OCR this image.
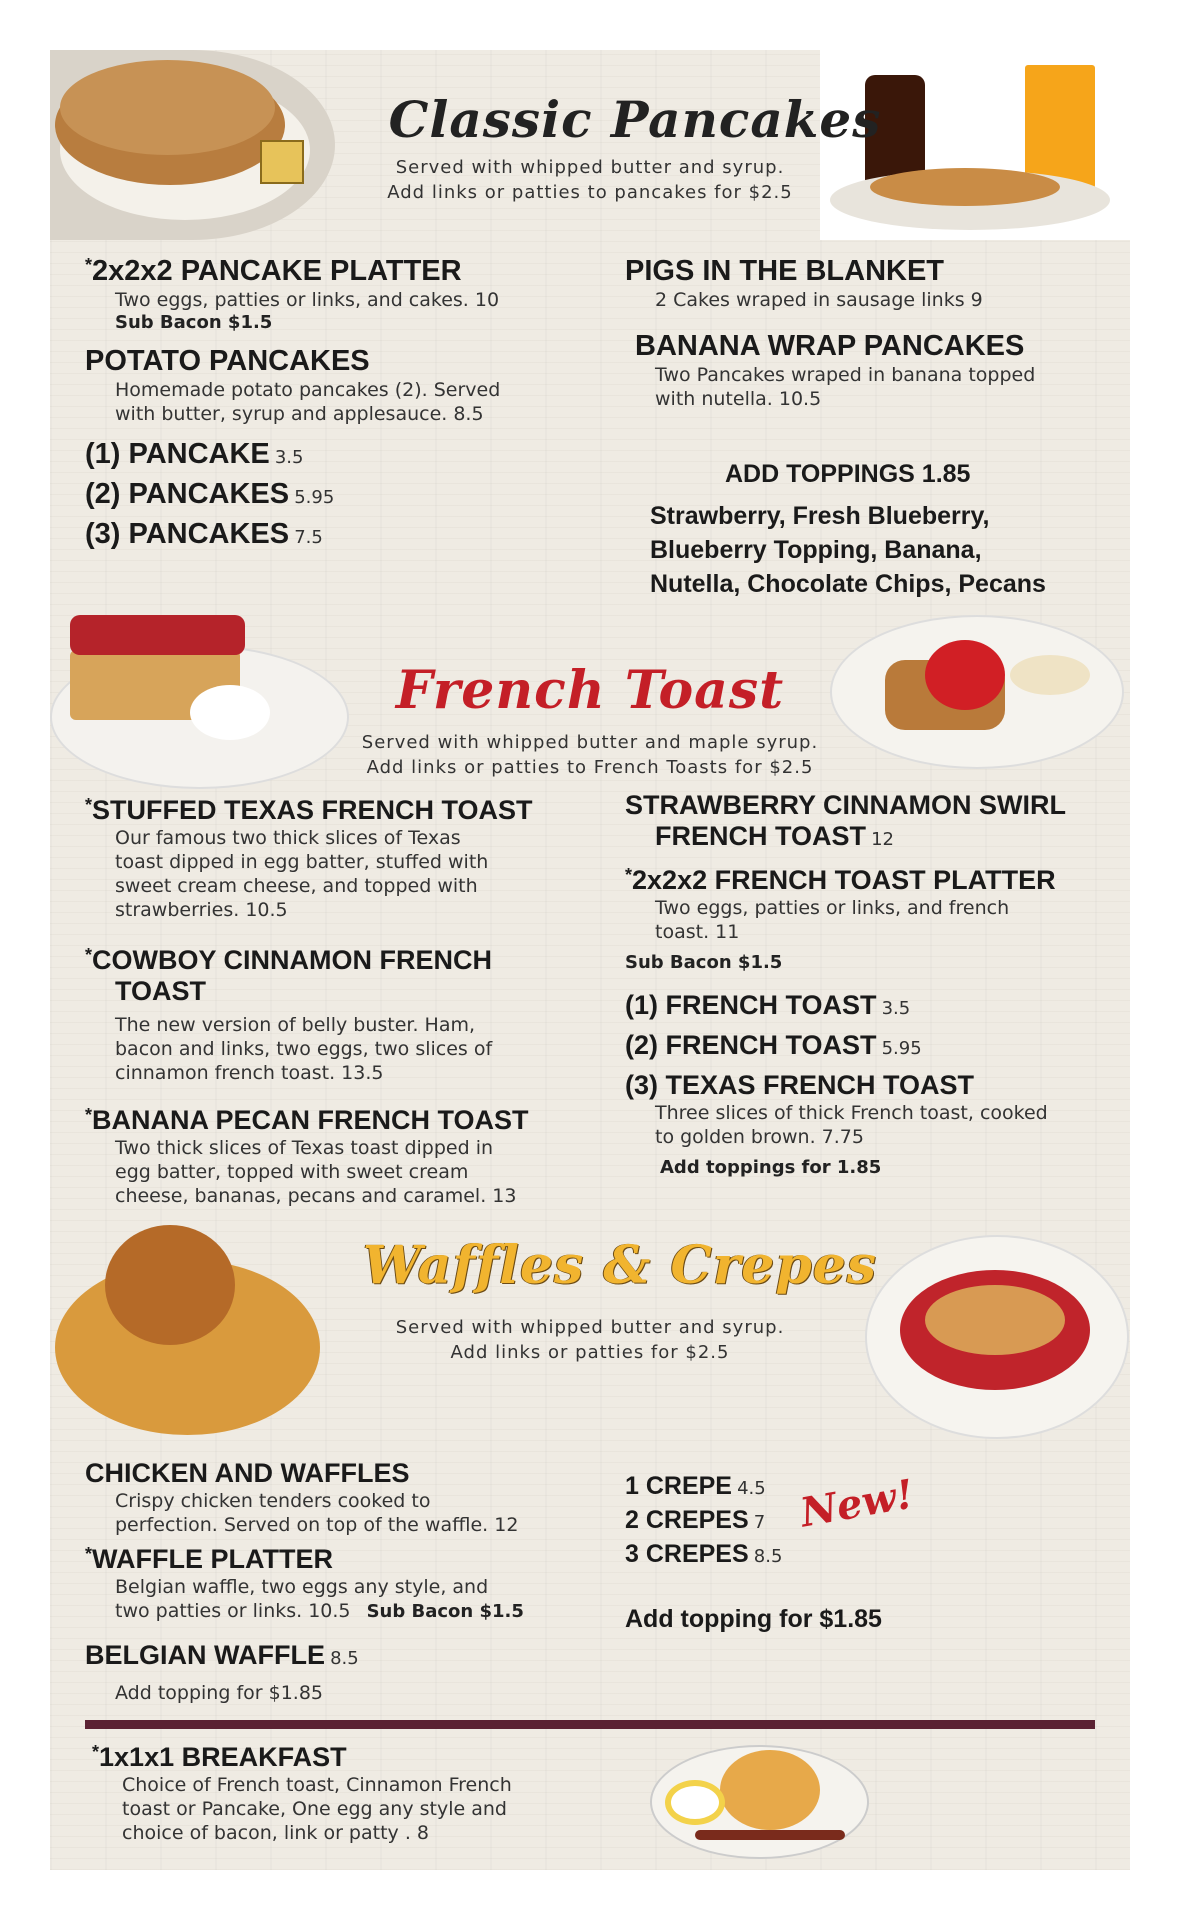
Classic Pancakes
Served with whipped butter and syrup.
Add links or patties to pancakes for $2.5
*2x2x2 PANCAKE PLATTER
Two eggs, patties or links, and cakes. 10
Sub Bacon $1.5
POTATO PANCAKES
Homemade potato pancakes (2). Served
with butter, syrup and applesauce. 8.5
(1) PANCAKE 3.5
(2) PANCAKES 5.95
(3) PANCAKES 7.5
PIGS IN THE BLANKET
2 Cakes wraped in sausage links 9
BANANA WRAP PANCAKES
Two Pancakes wraped in banana topped
with nutella. 10.5
ADD TOPPINGS 1.85
Strawberry, Fresh Blueberry,
Blueberry Topping, Banana,
Nutella, Chocolate Chips, Pecans
French Toast
Served with whipped butter and maple syrup.
Add links or patties to French Toasts for $2.5
*STUFFED TEXAS FRENCH TOAST
Our famous two thick slices of Texas
toast dipped in egg batter, stuffed with
sweet cream cheese, and topped with
strawberries. 10.5
*COWBOY CINNAMON FRENCH
TOAST
The new version of belly buster. Ham,
bacon and links, two eggs, two slices of
cinnamon french toast. 13.5
*BANANA PECAN FRENCH TOAST
Two thick slices of Texas toast dipped in
egg batter, topped with sweet cream
cheese, bananas, pecans and caramel. 13
STRAWBERRY CINNAMON SWIRL
FRENCH TOAST 12
*2x2x2 FRENCH TOAST PLATTER
Two eggs, patties or links, and french
toast. 11
Sub Bacon $1.5
(1) FRENCH TOAST 3.5
(2) FRENCH TOAST 5.95
(3) TEXAS FRENCH TOAST
Three slices of thick French toast, cooked
to golden brown. 7.75
Add toppings for 1.85
Waffles & Crepes
Served with whipped butter and syrup.
Add links or patties for $2.5
CHICKEN AND WAFFLES
Crispy chicken tenders cooked to
perfection. Served on top of the waffle. 12
*WAFFLE PLATTER
Belgian waffle, two eggs any style, and
two patties or links. 10.5 Sub Bacon $1.5
BELGIAN WAFFLE 8.5
Add topping for $1.85
1 CREPE 4.5
2 CREPES 7
3 CREPES 8.5
New!
Add topping for $1.85
*1x1x1 BREAKFAST
Choice of French toast, Cinnamon French
toast or Pancake, One egg any style and
choice of bacon, link or patty . 8
